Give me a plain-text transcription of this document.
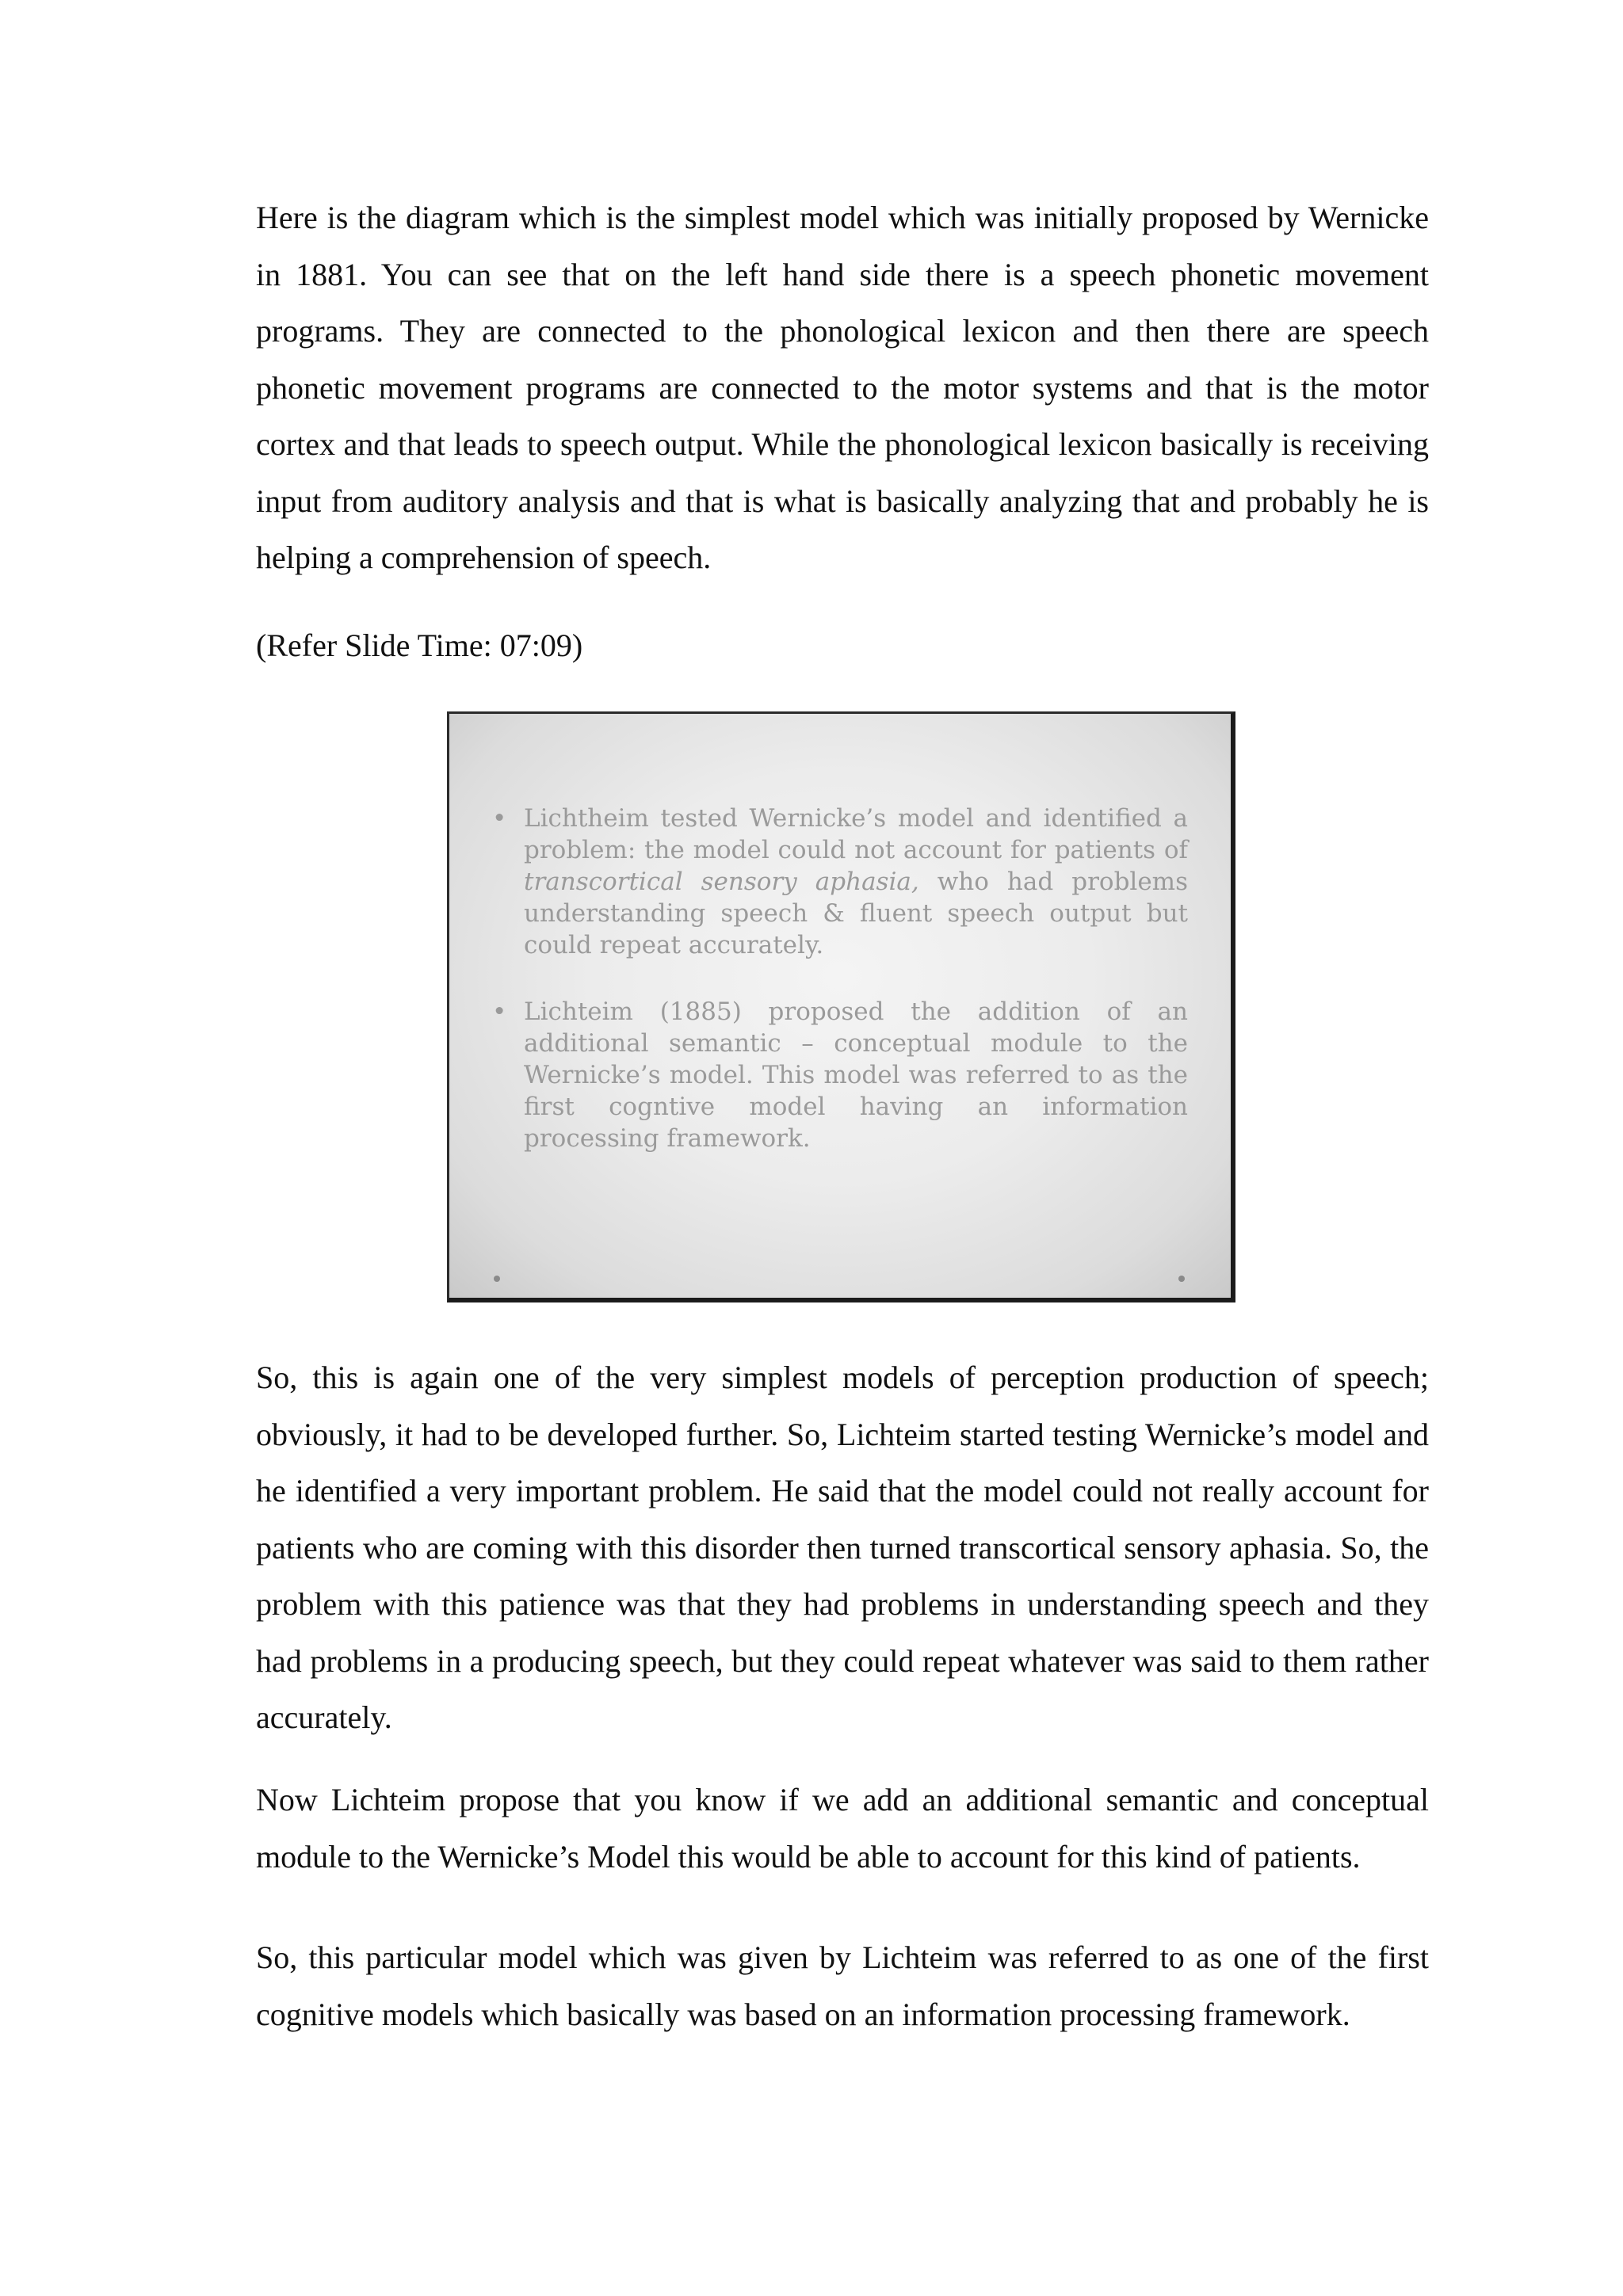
Here is the diagram which is the simplest model which was initially proposed by Wernicke in 1881. You can see that on the left hand side there is a speech phonetic movement programs. They are connected to the phonological lexicon and then there are speech phonetic movement programs are connected to the motor systems and that is the motor cortex and that leads to speech output. While the phonological lexicon basically is receiving input from auditory analysis and that is what is basically analyzing that and probably he is helping a comprehension of speech.

(Refer Slide Time: 07:09)

• Lichtheim tested Wernicke’s model and identified a problem: the model could not account for patients of transcortical sensory aphasia, who had problems understanding speech & fluent speech output but could repeat accurately.
• Lichteim (1885) proposed the addition of an additional semantic – conceptual module to the Wernicke’s model. This model was referred to as the first cogntive model having an information processing framework.

So, this is again one of the very simplest models of perception production of speech; obviously, it had to be developed further. So, Lichteim started testing Wernicke’s model and he identified a very important problem. He said that the model could not really account for patients who are coming with this disorder then turned transcortical sensory aphasia. So, the problem with this patience was that they had problems in understanding speech and they had problems in a producing speech, but they could repeat whatever was said to them rather accurately.

Now Lichteim propose that you know if we add an additional semantic and conceptual module to the Wernicke’s Model this would be able to account for this kind of patients.

So, this particular model which was given by Lichteim was referred to as one of the first cognitive models which basically was based on an information processing framework.
